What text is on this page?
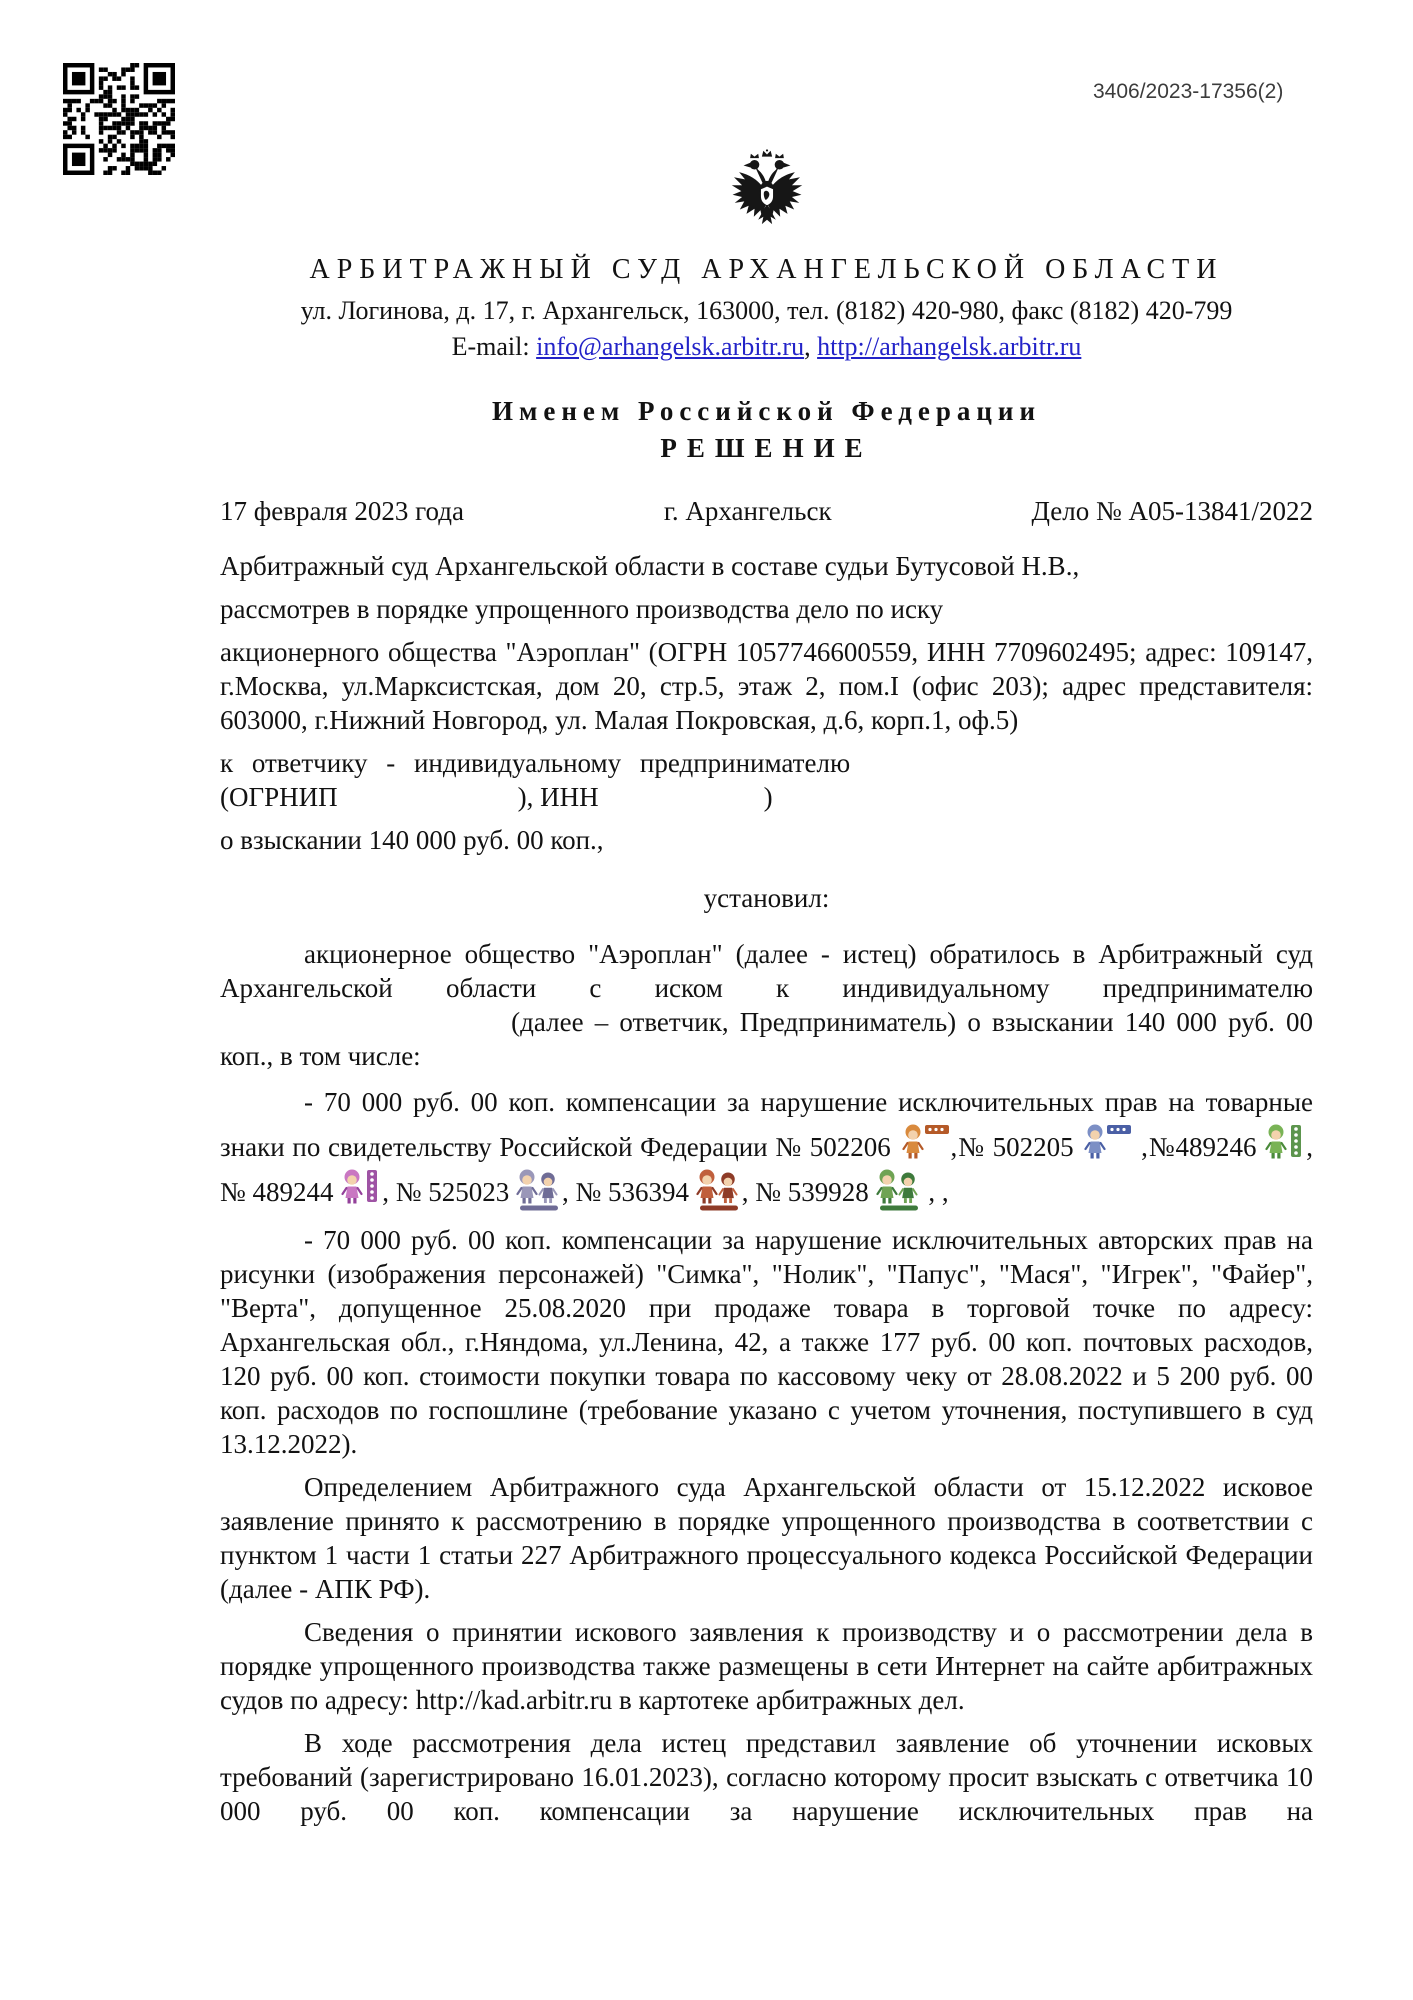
3406/2023-17356(2)
АРБИТРАЖНЫЙ СУД АРХАНГЕЛЬСКОЙ ОБЛАСТИ
ул. Логинова, д. 17, г. Архангельск, 163000, тел. (8182) 420-980, факс (8182) 420-799
E-mail: info@arhangelsk.arbitr.ru, http://arhangelsk.arbitr.ru
Именем Российской Федерации
РЕШЕНИЕ
17 февраля 2023 года	г. Архангельск	Дело № А05-13841/2022
Арбитражный суд Архангельской области в составе судьи Бутусовой Н.В.,
рассмотрев в порядке упрощенного производства дело по иску
акционерного общества "Аэроплан" (ОГРН 1057746600559, ИНН 7709602495; адрес: 109147, г.Москва, ул.Марксистская, дом 20, стр.5, этаж 2, пом.I (офис 203); адрес представителя: 603000, г.Нижний Новгород, ул. Малая Покровская, д.6, корп.1, оф.5)
к ответчику - индивидуальному предпринимателю
(ОГРНИП	), ИНН	)
о взыскании 140 000 руб. 00 коп.,
установил:
акционерное общество "Аэроплан" (далее - истец) обратилось в Арбитражный суд Архангельской области с иском к индивидуальному предпринимателю  (далее – ответчик, Предприниматель) о взыскании 140 000 руб. 00 коп., в том числе:
- 70 000 руб. 00 коп. компенсации за нарушение исключительных прав на товарные знаки по свидетельству Российской Федерации № 502206 ,№ 502205  ,№489246 , № 489244 , № 525023 , № 536394 , № 539928  , ,
- 70 000 руб. 00 коп. компенсации за нарушение исключительных авторских прав на рисунки (изображения персонажей) "Симка", "Нолик", "Папус", "Мася", "Игрек", "Файер", "Верта", допущенное 25.08.2020 при продаже товара в торговой точке по адресу: Архангельская обл., г.Няндома, ул.Ленина, 42, а также 177 руб. 00 коп. почтовых расходов, 120 руб. 00 коп. стоимости покупки товара по кассовому чеку от 28.08.2022 и 5 200 руб. 00 коп. расходов по госпошлине (требование указано с учетом уточнения, поступившего в суд 13.12.2022).
Определением Арбитражного суда Архангельской области от 15.12.2022 исковое заявление принято к рассмотрению в порядке упрощенного производства в соответствии с пунктом 1 части 1 статьи 227 Арбитражного процессуального кодекса Российской Федерации (далее - АПК РФ).
Сведения о принятии искового заявления к производству и о рассмотрении дела в порядке упрощенного производства также размещены в сети Интернет на сайте арбитражных судов по адресу: http://kad.arbitr.ru в картотеке арбитражных дел.
В ходе рассмотрения дела истец представил заявление об уточнении исковых требований (зарегистрировано 16.01.2023), согласно которому просит взыскать с ответчика 10 000 руб. 00 коп. компенсации за нарушение исключительных прав на
